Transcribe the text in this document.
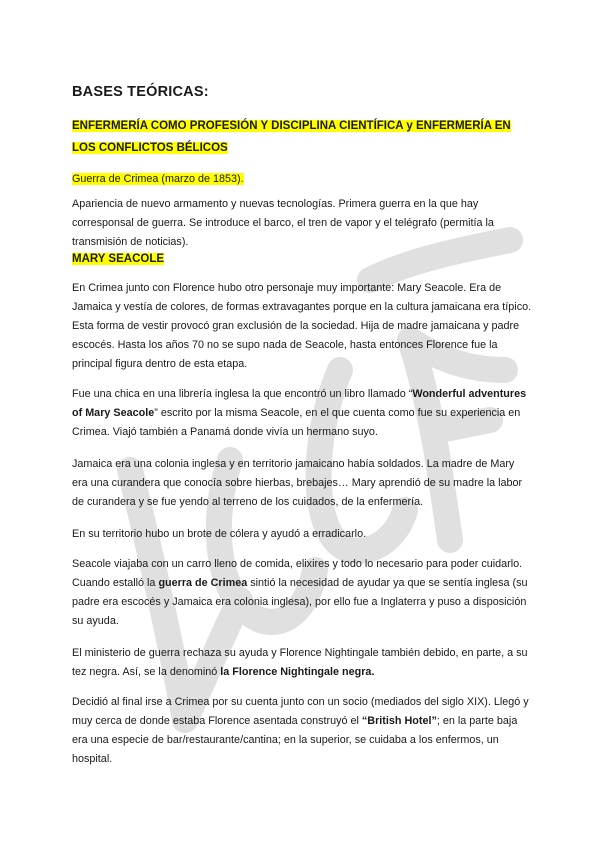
BASES TEÓRICAS:
ENFERMERÍA COMO PROFESIÓN Y DISCIPLINA CIENTÍFICA y ENFERMERÍA EN LOS CONFLICTOS BÉLICOS
Guerra de Crimea (marzo de 1853).

Apariencia de nuevo armamento y nuevas tecnologías. Primera guerra en la que hay corresponsal de guerra. Se introduce el barco, el tren de vapor y el telégrafo (permitía la transmisión de noticias).

MARY SEACOLE

En Crimea junto con Florence hubo otro personaje muy importante: Mary Seacole. Era de Jamaica y vestía de colores, de formas extravagantes porque en la cultura jamaicana era típico. Esta forma de vestir provocó gran exclusión de la sociedad. Hija de madre jamaicana y padre escocés. Hasta los años 70 no se supo nada de Seacole, hasta entonces Florence fue la principal figura dentro de esta etapa.

Fue una chica en una librería inglesa la que encontró un libro llamado “Wonderful adventures of Mary Seacole” escrito por la misma Seacole, en el que cuenta como fue su experiencia en Crimea. Viajó también a Panamá donde vivía un hermano suyo.

Jamaica era una colonia inglesa y en territorio jamaicano había soldados. La madre de Mary era una curandera que conocía sobre hierbas, brebajes… Mary aprendió de su madre la labor de curandera y se fue yendo al terreno de los cuidados, de la enfermería.

En su territorio hubo un brote de cólera y ayudó a erradicarlo.

Seacole viajaba con un carro lleno de comida, elixires y todo lo necesario para poder cuidarlo. Cuando estalló la guerra de Crimea sintió la necesidad de ayudar ya que se sentía inglesa (su padre era escocés y Jamaica era colonia inglesa), por ello fue a Inglaterra y puso a disposición su ayuda.

El ministerio de guerra rechaza su ayuda y Florence Nightingale también debido, en parte, a su tez negra. Así, se la denominó la Florence Nightingale negra.

Decidió al final irse a Crimea por su cuenta junto con un socio (mediados del siglo XIX). Llegó y muy cerca de donde estaba Florence asentada construyó el “British Hotel”; en la parte baja era una especie de bar/restaurante/cantina; en la superior, se cuidaba a los enfermos, un hospital.
